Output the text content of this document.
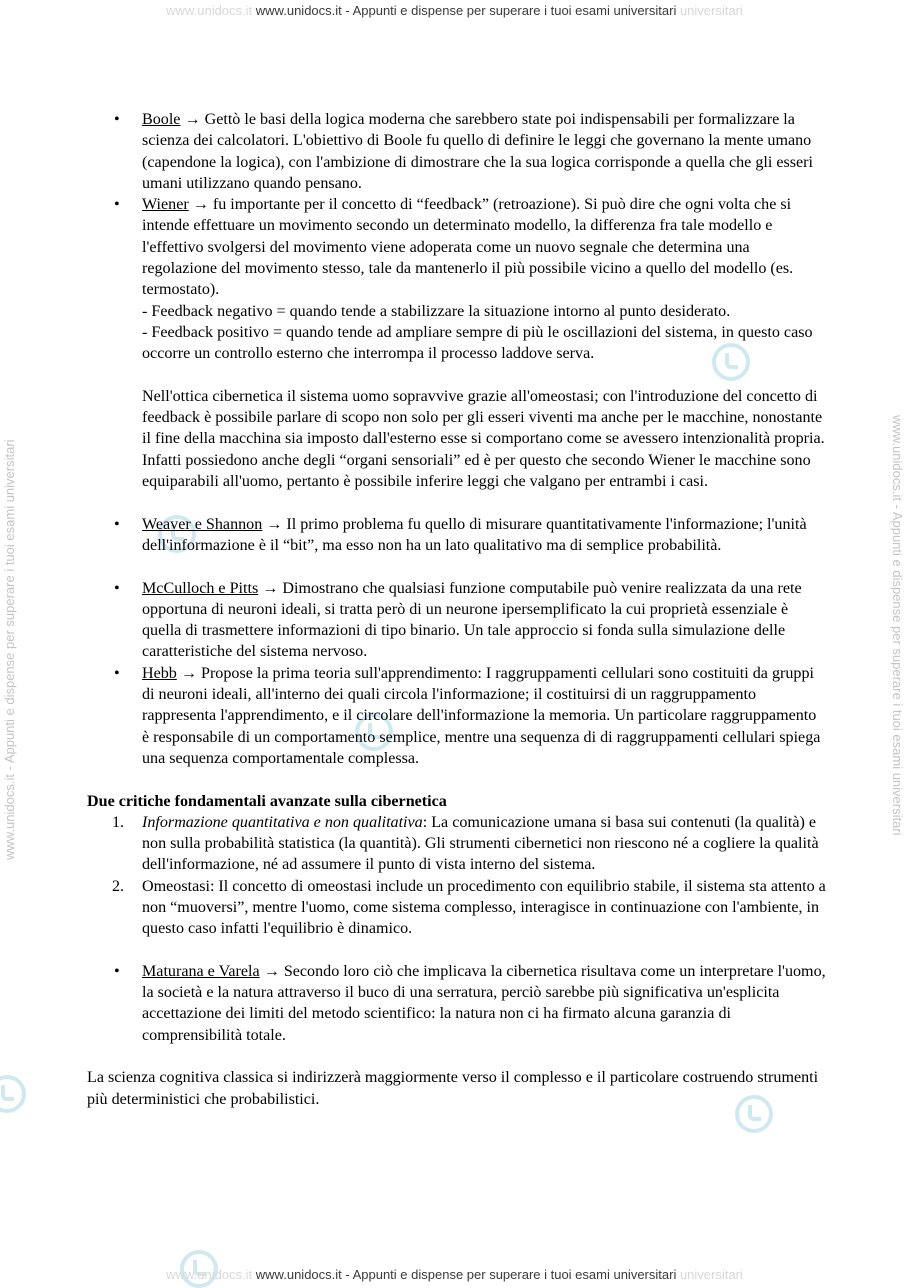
www.unidocs.it www.unidocs.it - Appunti e dispense per superare i tuoi esami universitari universitari
www.unidocs.it - Appunti e dispense per superare i tuoi esami universitari	www.unidocs.it - Appunti e dispense per superare i tuoi esami universitari
• Boole → Gettò le basi della logica moderna che sarebbero state poi indispensabili per formalizzare la scienza dei calcolatori. L'obiettivo di Boole fu quello di definire le leggi che governano la mente umano (capendone la logica), con l'ambizione di dimostrare che la sua logica corrisponde a quella che gli esseri umani utilizzano quando pensano.
• Wiener → fu importante per il concetto di “feedback” (retroazione). Si può dire che ogni volta che si intende effettuare un movimento secondo un determinato modello, la differenza fra tale modello e l'effettivo svolgersi del movimento viene adoperata come un nuovo segnale che determina una regolazione del movimento stesso, tale da mantenerlo il più possibile vicino a quello del modello (es. termostato).
- Feedback negativo = quando tende a stabilizzare la situazione intorno al punto desiderato.
- Feedback positivo = quando tende ad ampliare sempre di più le oscillazioni del sistema, in questo caso occorre un controllo esterno che interrompa il processo laddove serva.
Nell'ottica cibernetica il sistema uomo sopravvive grazie all'omeostasi; con l'introduzione del concetto di feedback è possibile parlare di scopo non solo per gli esseri viventi ma anche per le macchine, nonostante il fine della macchina sia imposto dall'esterno esse si comportano come se avessero intenzionalità propria. Infatti possiedono anche degli “organi sensoriali” ed è per questo che secondo Wiener le macchine sono equiparabili all'uomo, pertanto è possibile inferire leggi che valgano per entrambi i casi.
• Weaver e Shannon → Il primo problema fu quello di misurare quantitativamente l'informazione; l'unità dell'informazione è il “bit”, ma esso non ha un lato qualitativo ma di semplice probabilità.
• McCulloch e Pitts → Dimostrano che qualsiasi funzione computabile può venire realizzata da una rete opportuna di neuroni ideali, si tratta però di un neurone ipersemplificato la cui proprietà essenziale è quella di trasmettere informazioni di tipo binario. Un tale approccio si fonda sulla simulazione delle caratteristiche del sistema nervoso.
• Hebb → Propose la prima teoria sull'apprendimento: I raggruppamenti cellulari sono costituiti da gruppi di neuroni ideali, all'interno dei quali circola l'informazione; il costituirsi di un raggruppamento rappresenta l'apprendimento, e il circolare dell'informazione la memoria. Un particolare raggruppamento è responsabile di un comportamento semplice, mentre una sequenza di di raggruppamenti cellulari spiega una sequenza comportamentale complessa.
Due critiche fondamentali avanzate sulla cibernetica
1. Informazione quantitativa e non qualitativa: La comunicazione umana si basa sui contenuti (la qualità) e non sulla probabilità statistica (la quantità). Gli strumenti cibernetici non riescono né a cogliere la qualità dell'informazione, né ad assumere il punto di vista interno del sistema.
2. Omeostasi: Il concetto di omeostasi include un procedimento con equilibrio stabile, il sistema sta attento a non “muoversi”, mentre l'uomo, come sistema complesso, interagisce in continuazione con l'ambiente, in questo caso infatti l'equilibrio è dinamico.
• Maturana e Varela → Secondo loro ciò che implicava la cibernetica risultava come un interpretare l'uomo, la società e la natura attraverso il buco di una serratura, perciò sarebbe più significativa un'esplicita accettazione dei limiti del metodo scientifico: la natura non ci ha firmato alcuna garanzia di comprensibilità totale.
La scienza cognitiva classica si indirizzerà maggiormente verso il complesso e il particolare costruendo strumenti più deterministici che probabilistici.
www.unidocs.it www.unidocs.it - Appunti e dispense per superare i tuoi esami universitari universitari
